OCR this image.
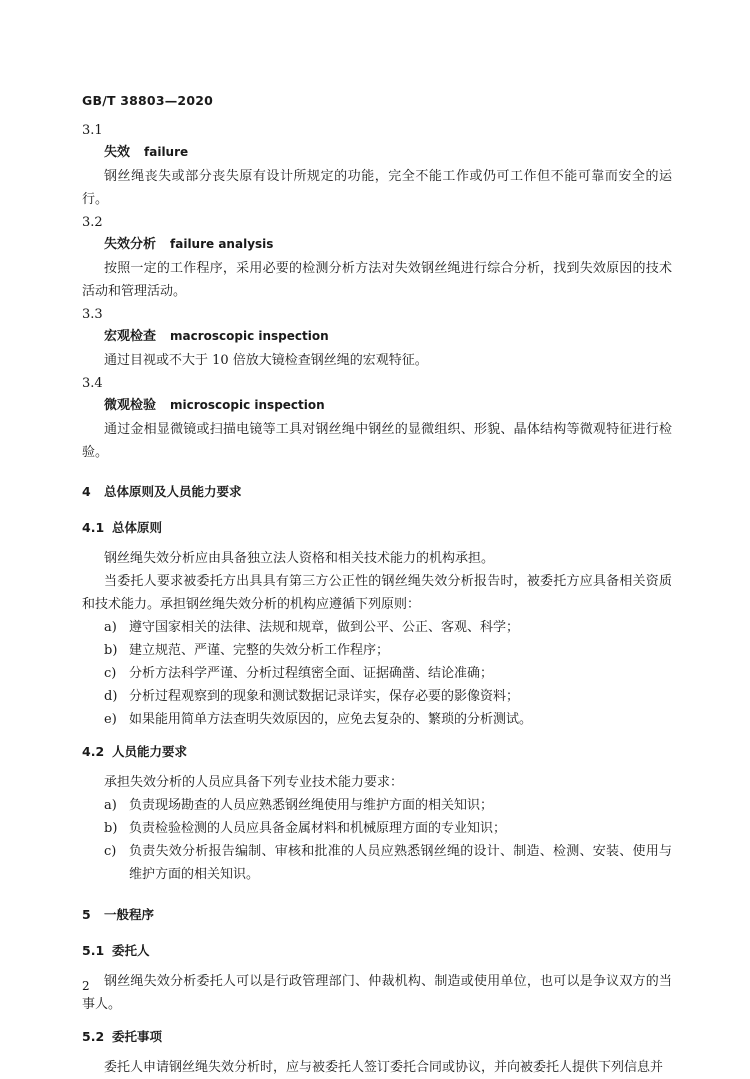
GB/T 38803—2020

3.1

失效 failure

钢丝绳丧失或部分丧失原有设计所规定的功能，完全不能工作或仍可工作但不能可靠而安全的运行。

3.2

失效分析 failure analysis

按照一定的工作程序，采用必要的检测分析方法对失效钢丝绳进行综合分析，找到失效原因的技术活动和管理活动。

3.3

宏观检查 macroscopic inspection

通过目视或不大于 10 倍放大镜检查钢丝绳的宏观特征。

3.4

微观检验 microscopic inspection

通过金相显微镜或扫描电镜等工具对钢丝绳中钢丝的显微组织、形貌、晶体结构等微观特征进行检验。

4	总体原则及人员能力要求

4.1 总体原则

钢丝绳失效分析应由具备独立法人资格和相关技术能力的机构承担。

当委托人要求被委托方出具具有第三方公正性的钢丝绳失效分析报告时，被委托方应具备相关资质和技术能力。承担钢丝绳失效分析的机构应遵循下列原则：

a) 遵守国家相关的法律、法规和规章，做到公平、公正、客观、科学；

b) 建立规范、严谨、完整的失效分析工作程序；

c) 分析方法科学严谨、分析过程缜密全面、证据确凿、结论准确；

d) 分析过程观察到的现象和测试数据记录详实，保存必要的影像资料；

e) 如果能用简单方法查明失效原因的，应免去复杂的、繁琐的分析测试。

4.2 人员能力要求

承担失效分析的人员应具备下列专业技术能力要求：

a) 负责现场勘查的人员应熟悉钢丝绳使用与维护方面的相关知识；

b) 负责检验检测的人员应具备金属材料和机械原理方面的专业知识；

c) 负责失效分析报告编制、审核和批准的人员应熟悉钢丝绳的设计、制造、检测、安装、使用与维护方面的相关知识。

5	一般程序

5.1 委托人

钢丝绳失效分析委托人可以是行政管理部门、仲裁机构、制造或使用单位，也可以是争议双方的当事人。

5.2 委托事项

委托人申请钢丝绳失效分析时，应与被委托人签订委托合同或协议，并向被委托人提供下列信息并

2
